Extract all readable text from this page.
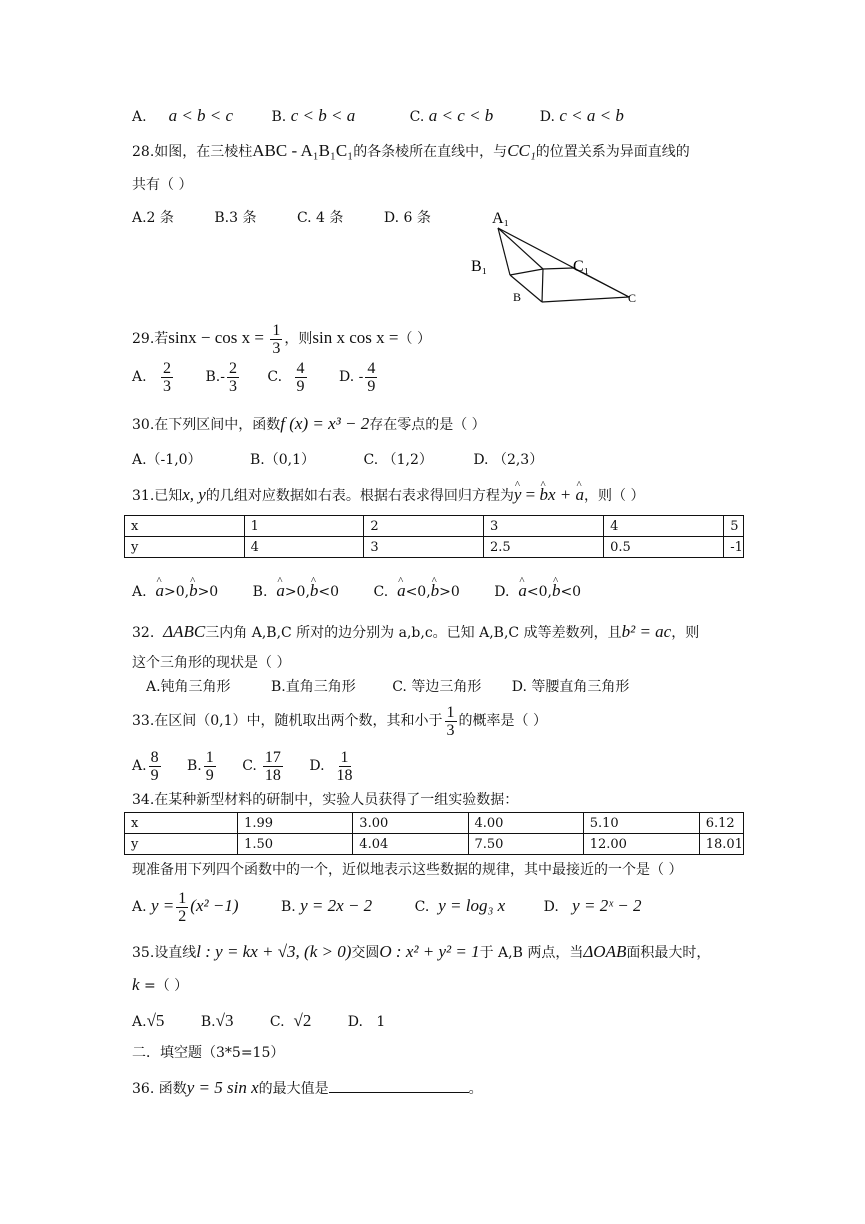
A. a < b < c	B. c < b < a	C. a < c < b	D. c < a < b
28.如图，在三棱柱ABC - A₁B₁C₁的各条棱所在直线中，与CC₁的位置关系为异面直线的
共有（ ）
A.2 条	B.3 条	C. 4 条	D. 6 条	A₁
B₁	C₁
B	C
29.若$\sin x - \cos x = \frac{1}{3}$ ，则sin x cos x =（ ）
A. $\frac{2}{3} B.- \frac{2}{3} C$. $\frac{4}{9} D$. - $\frac{4}{9}$
30.在下列区间中，函数f (x) = x³ − 2存在零点的是（ ）
A.（-1,0）	B.（0,1）	C. （1,2）	D. （2,3）
31.已知x, y的几组对应数据如右表。根据右表求得回归方程为^ y = ^ bx + ^ a，则（ ）
x	1	2	3	4	5
y	4	3	2.5	0.5	-1
A. ^ a>0,^ b>0 B. ^ a>0,^ b<0 C. ^ a<0,^ b>0 D. ^ a<0,^ b<0
32. ΔABC三内角 A,B,C 所对的边分别为 a,b,c。已知 A,B,C 成等差数列，且b² = ac，则
这个三角形的现状是（ ）
A.钝角三角形	B.直角三角形	C. 等边三角形 D. 等腰直角三角形
33.在区间（0,1）中，随机取出两个数，其和小于 $\frac{1}{3}$ 的概率是（ ）
A. $\frac{8}{9} B$. $\frac{1}{9} C$. $\frac{17}{18} D$. $\frac{1}{18}$
34.在某种新型材料的研制中，实验人员获得了一组实验数据：
x	1.99	3.00	4.00	5.10	6.12
y	1.50	4.04	7.50	12.00	18.01
现准备用下列四个函数中的一个，近似地表示这些数据的规律，其中最接近的一个是（ ）
A. $y = \frac{1}{2} (x^2 -1)$	B. y = 2x − 2	C. y = log₃ x	D. y = 2ˣ − 2
35.设直线l : y = kx + √3, (k > 0)交圆O : x² + y² = 1于 A,B 两点，当ΔOAB面积最大时，
k =（ ）
A.√5	B.√3	C. √2	D. 1
二．填空题（3*5=15）
36. 函数y = 5 sin x的最大值是	。
